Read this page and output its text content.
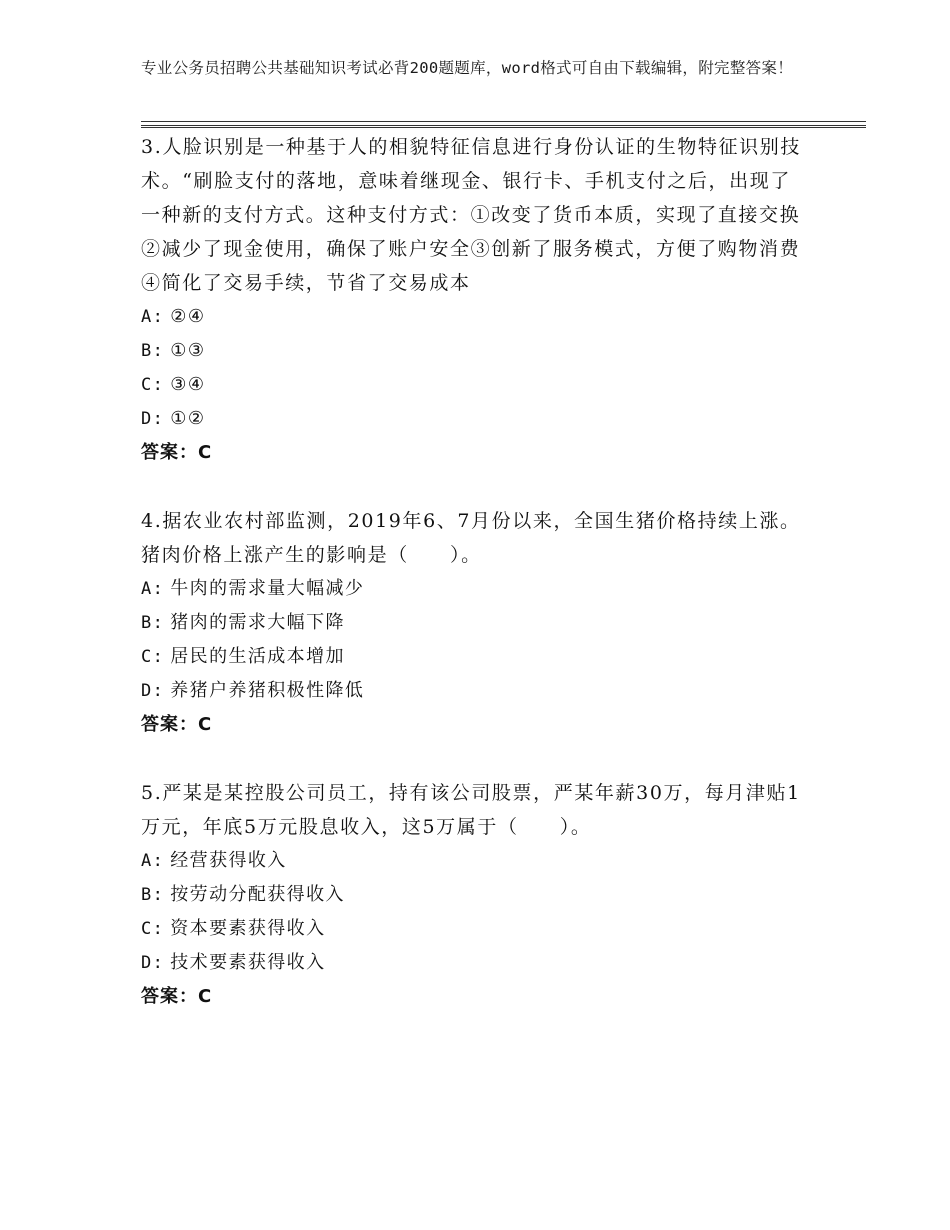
专业公务员招聘公共基础知识考试必背200题题库，word格式可自由下载编辑，附完整答案！

3.人脸识别是一种基于人的相貌特征信息进行身份认证的生物特征识别技术。“刷脸支付的落地，意味着继现金、银行卡、手机支付之后，出现了一种新的支付方式。这种支付方式：①改变了货币本质，实现了直接交换②减少了现金使用，确保了账户安全③创新了服务模式，方便了购物消费④简化了交易手续，节省了交易成本

A: ②④

B: ①③

C: ③④

D: ①②

答案：C

4.据农业农村部监测，2019年6、7月份以来，全国生猪价格持续上涨。猪肉价格上涨产生的影响是（　　）。

A: 牛肉的需求量大幅减少

B: 猪肉的需求大幅下降

C: 居民的生活成本增加

D: 养猪户养猪积极性降低

答案：C

5.严某是某控股公司员工，持有该公司股票，严某年薪30万，每月津贴1万元，年底5万元股息收入，这5万属于（　　）。

A: 经营获得收入

B: 按劳动分配获得收入

C: 资本要素获得收入

D: 技术要素获得收入

答案：C
